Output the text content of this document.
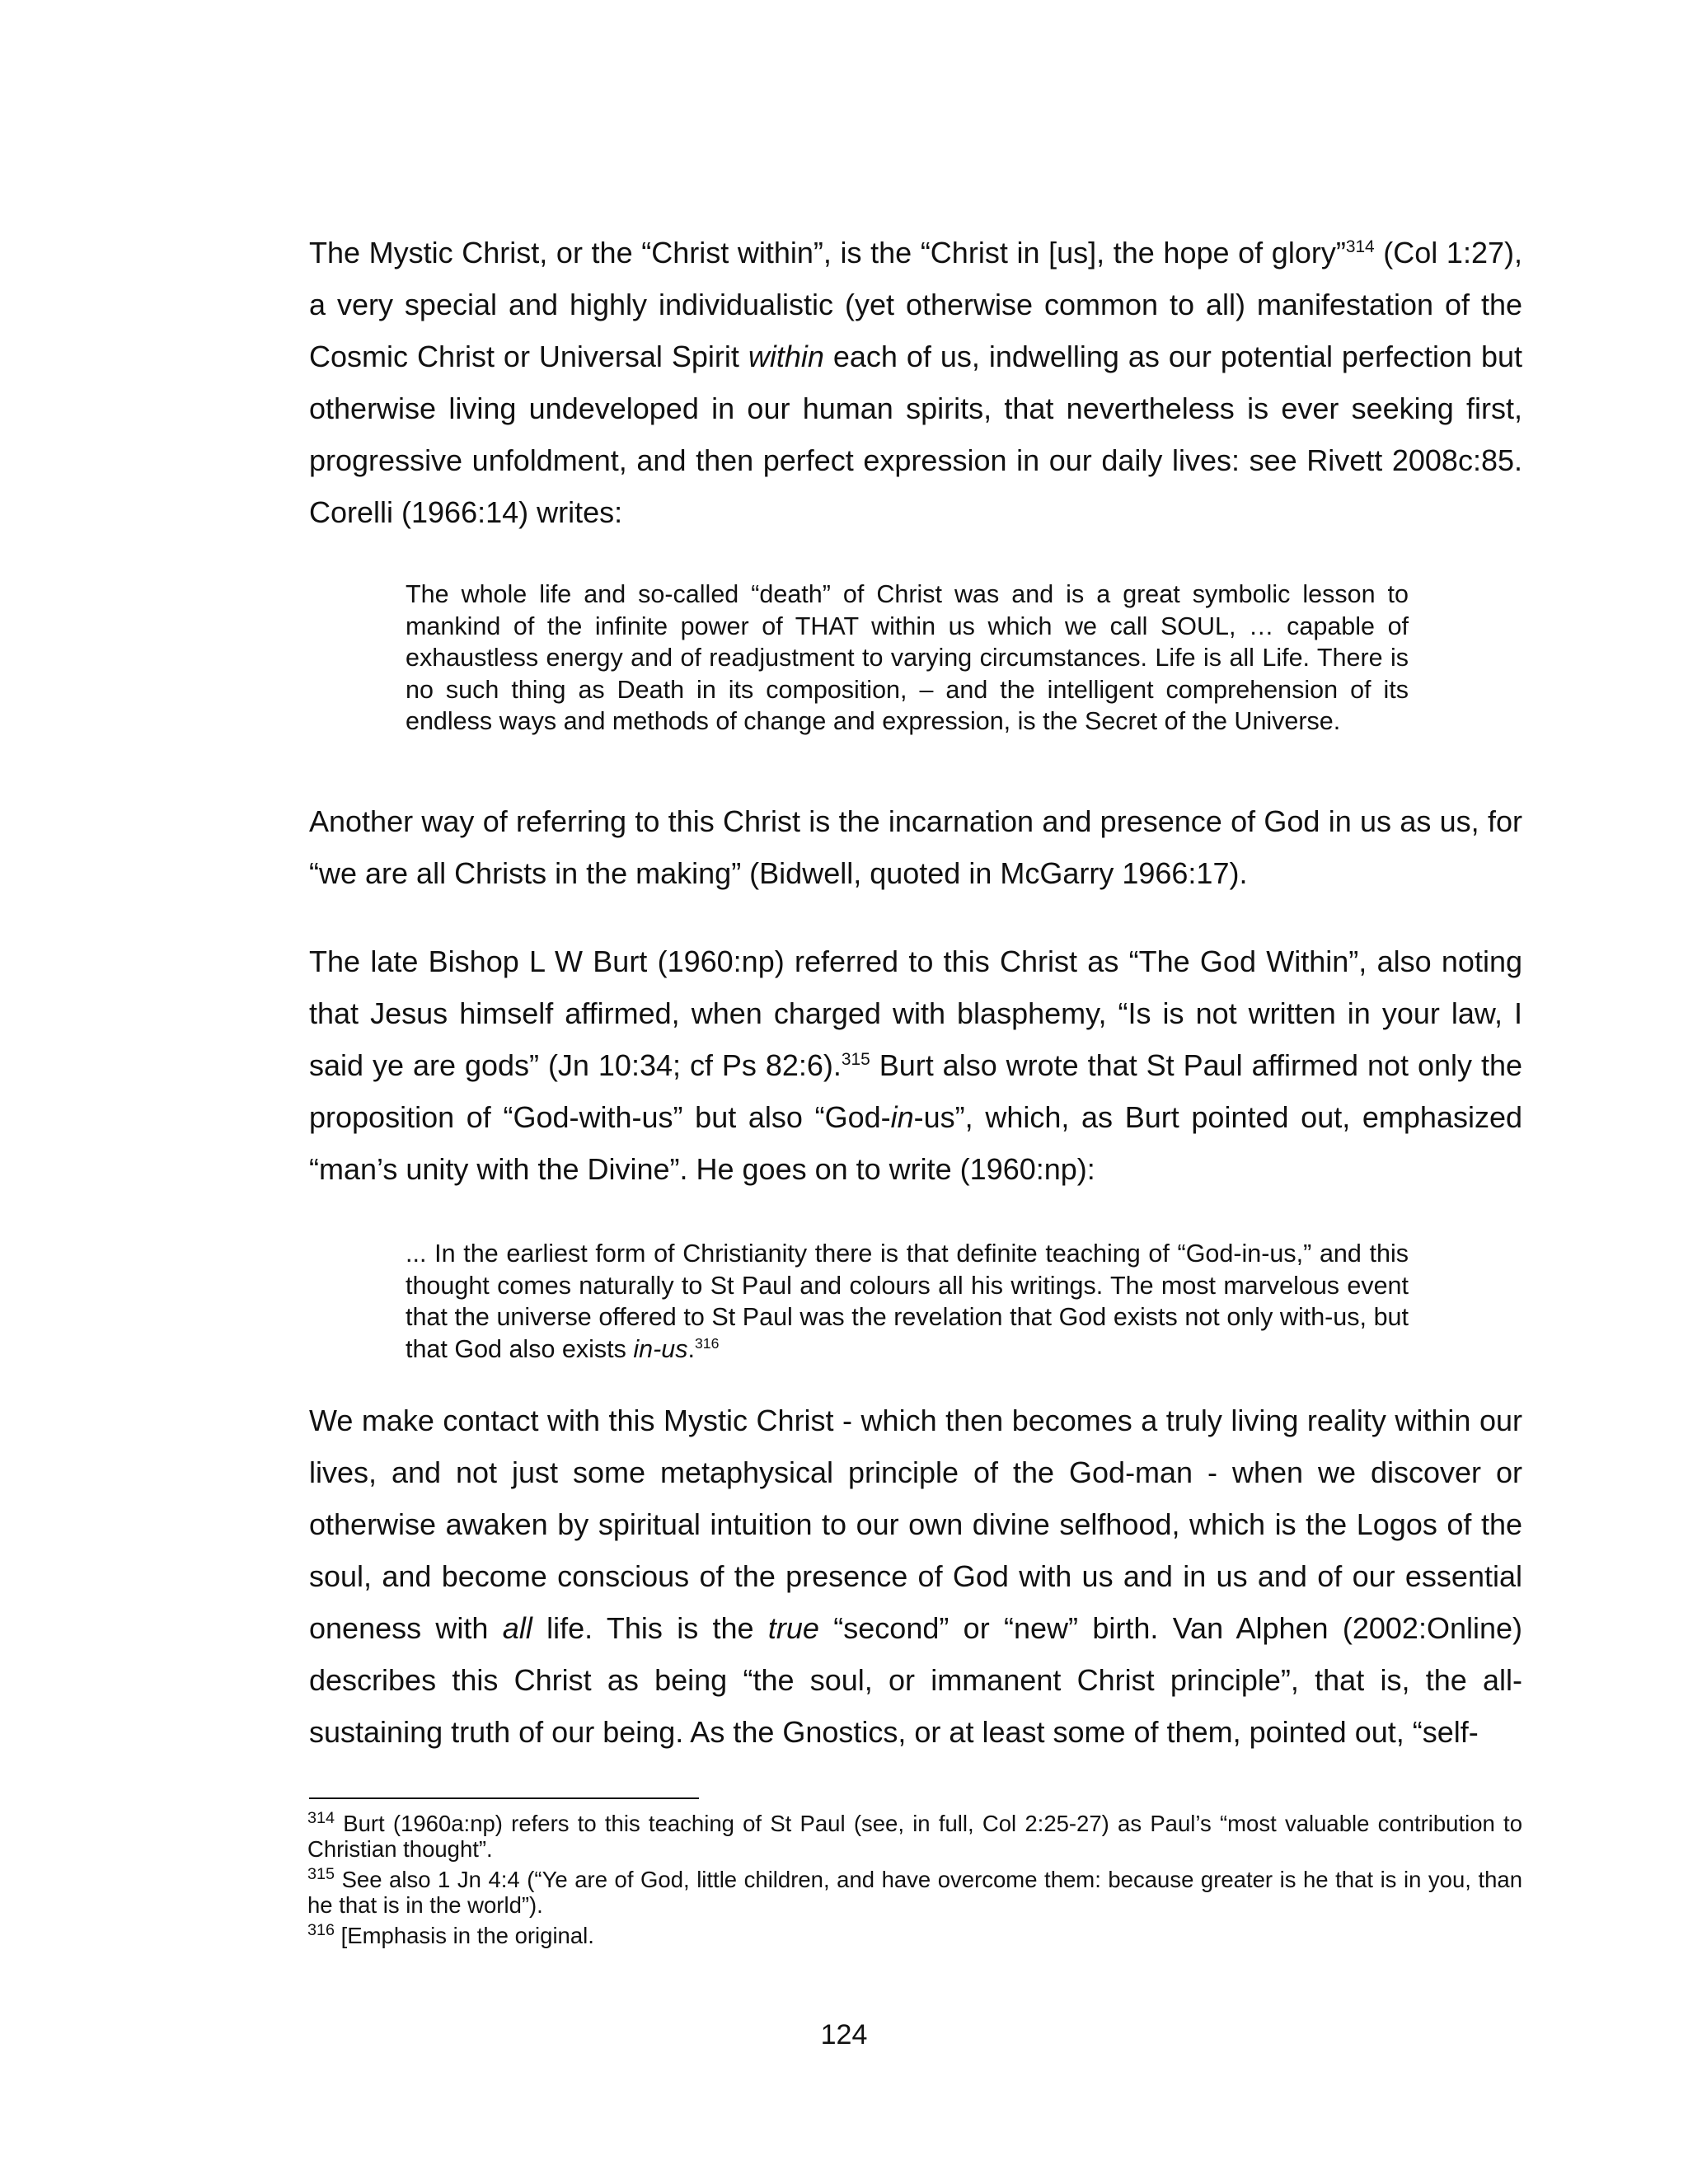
The Mystic Christ, or the “Christ within”, is the “Christ in [us], the hope of glory”$^{314}$ (Col 1:27), a very special and highly individualistic (yet otherwise common to all) manifestation of the Cosmic Christ or Universal Spirit within each of us, indwelling as our potential perfection but otherwise living undeveloped in our human spirits, that nevertheless is ever seeking first, progressive unfoldment, and then perfect expression in our daily lives: see Rivett 2008c:85. Corelli (1966:14) writes:

The whole life and so-called “death” of Christ was and is a great symbolic lesson to mankind of the infinite power of THAT within us which we call SOUL, … capable of exhaustless energy and of readjustment to varying circumstances. Life is all Life. There is no such thing as Death in its composition, – and the intelligent comprehension of its endless ways and methods of change and expression, is the Secret of the Universe.

Another way of referring to this Christ is the incarnation and presence of God in us as us, for “we are all Christs in the making” (Bidwell, quoted in McGarry 1966:17).

The late Bishop L W Burt (1960:np) referred to this Christ as “The God Within”, also noting that Jesus himself affirmed, when charged with blasphemy, “Is is not written in your law, I said ye are gods” (Jn 10:34; cf Ps 82:6).$^{315}$ Burt also wrote that St Paul affirmed not only the proposition of “God-with-us” but also “God-in-us”, which, as Burt pointed out, emphasized “man’s unity with the Divine”. He goes on to write (1960:np):

... In the earliest form of Christianity there is that definite teaching of “God-in-us,” and this thought comes naturally to St Paul and colours all his writings. The most marvelous event that the universe offered to St Paul was the revelation that God exists not only with-us, but that God also exists in-us.$^{316}$

We make contact with this Mystic Christ - which then becomes a truly living reality within our lives, and not just some metaphysical principle of the God-man - when we discover or otherwise awaken by spiritual intuition to our own divine selfhood, which is the Logos of the soul, and become conscious of the presence of God with us and in us and of our essential oneness with all life. This is the true “second” or “new” birth. Van Alphen (2002:Online) describes this Christ as being “the soul, or immanent Christ principle”, that is, the all-sustaining truth of our being. As the Gnostics, or at least some of them, pointed out, “self-

$^{314}$ Burt (1960a:np) refers to this teaching of St Paul (see, in full, Col 2:25-27) as Paul’s “most valuable contribution to Christian thought”.

$^{315}$ See also 1 Jn 4:4 (“Ye are of God, little children, and have overcome them: because greater is he that is in you, than he that is in the world”).

$^{316}$ [Emphasis in the original.

124
